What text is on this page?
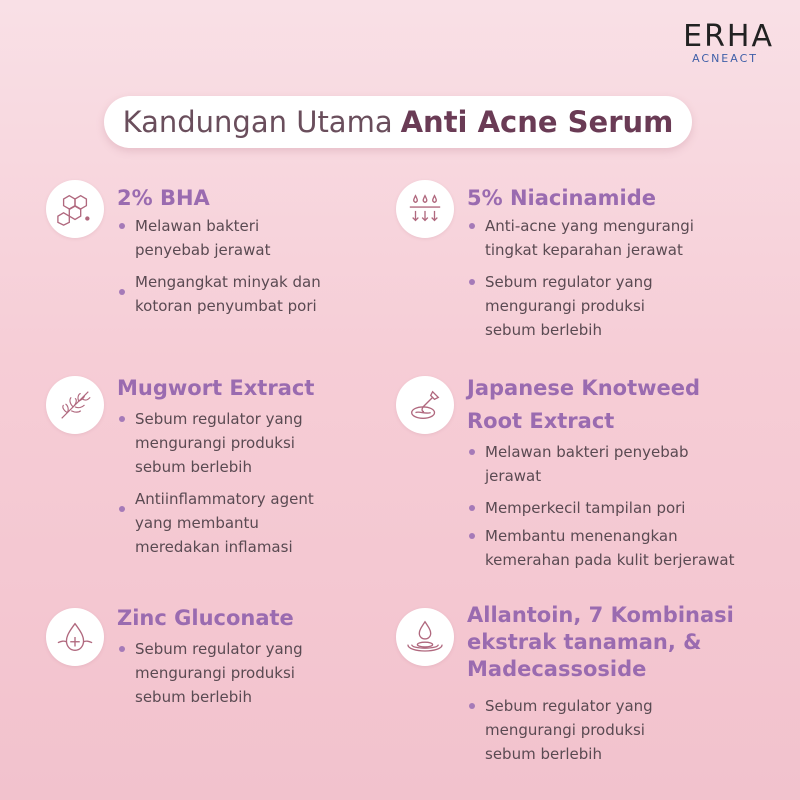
ERHA
ACNEACT
Kandungan Utama Anti Acne Serum
2% BHA
Melawan bakteri
penyebab jerawat
Mengangkat minyak dan
kotoran penyumbat pori
5% Niacinamide
Anti-acne yang mengurangi
tingkat keparahan jerawat
Sebum regulator yang
mengurangi produksi
sebum berlebih
Mugwort Extract
Sebum regulator yang
mengurangi produksi
sebum berlebih
Antiinflammatory agent
yang membantu
meredakan inflamasi
Japanese Knotweed
Root Extract
Melawan bakteri penyebab
jerawat
Memperkecil tampilan pori
Membantu menenangkan
kemerahan pada kulit berjerawat
Zinc Gluconate
Sebum regulator yang
mengurangi produksi
sebum berlebih
Allantoin, 7 Kombinasi
ekstrak tanaman, &
Madecassoside
Sebum regulator yang
mengurangi produksi
sebum berlebih
